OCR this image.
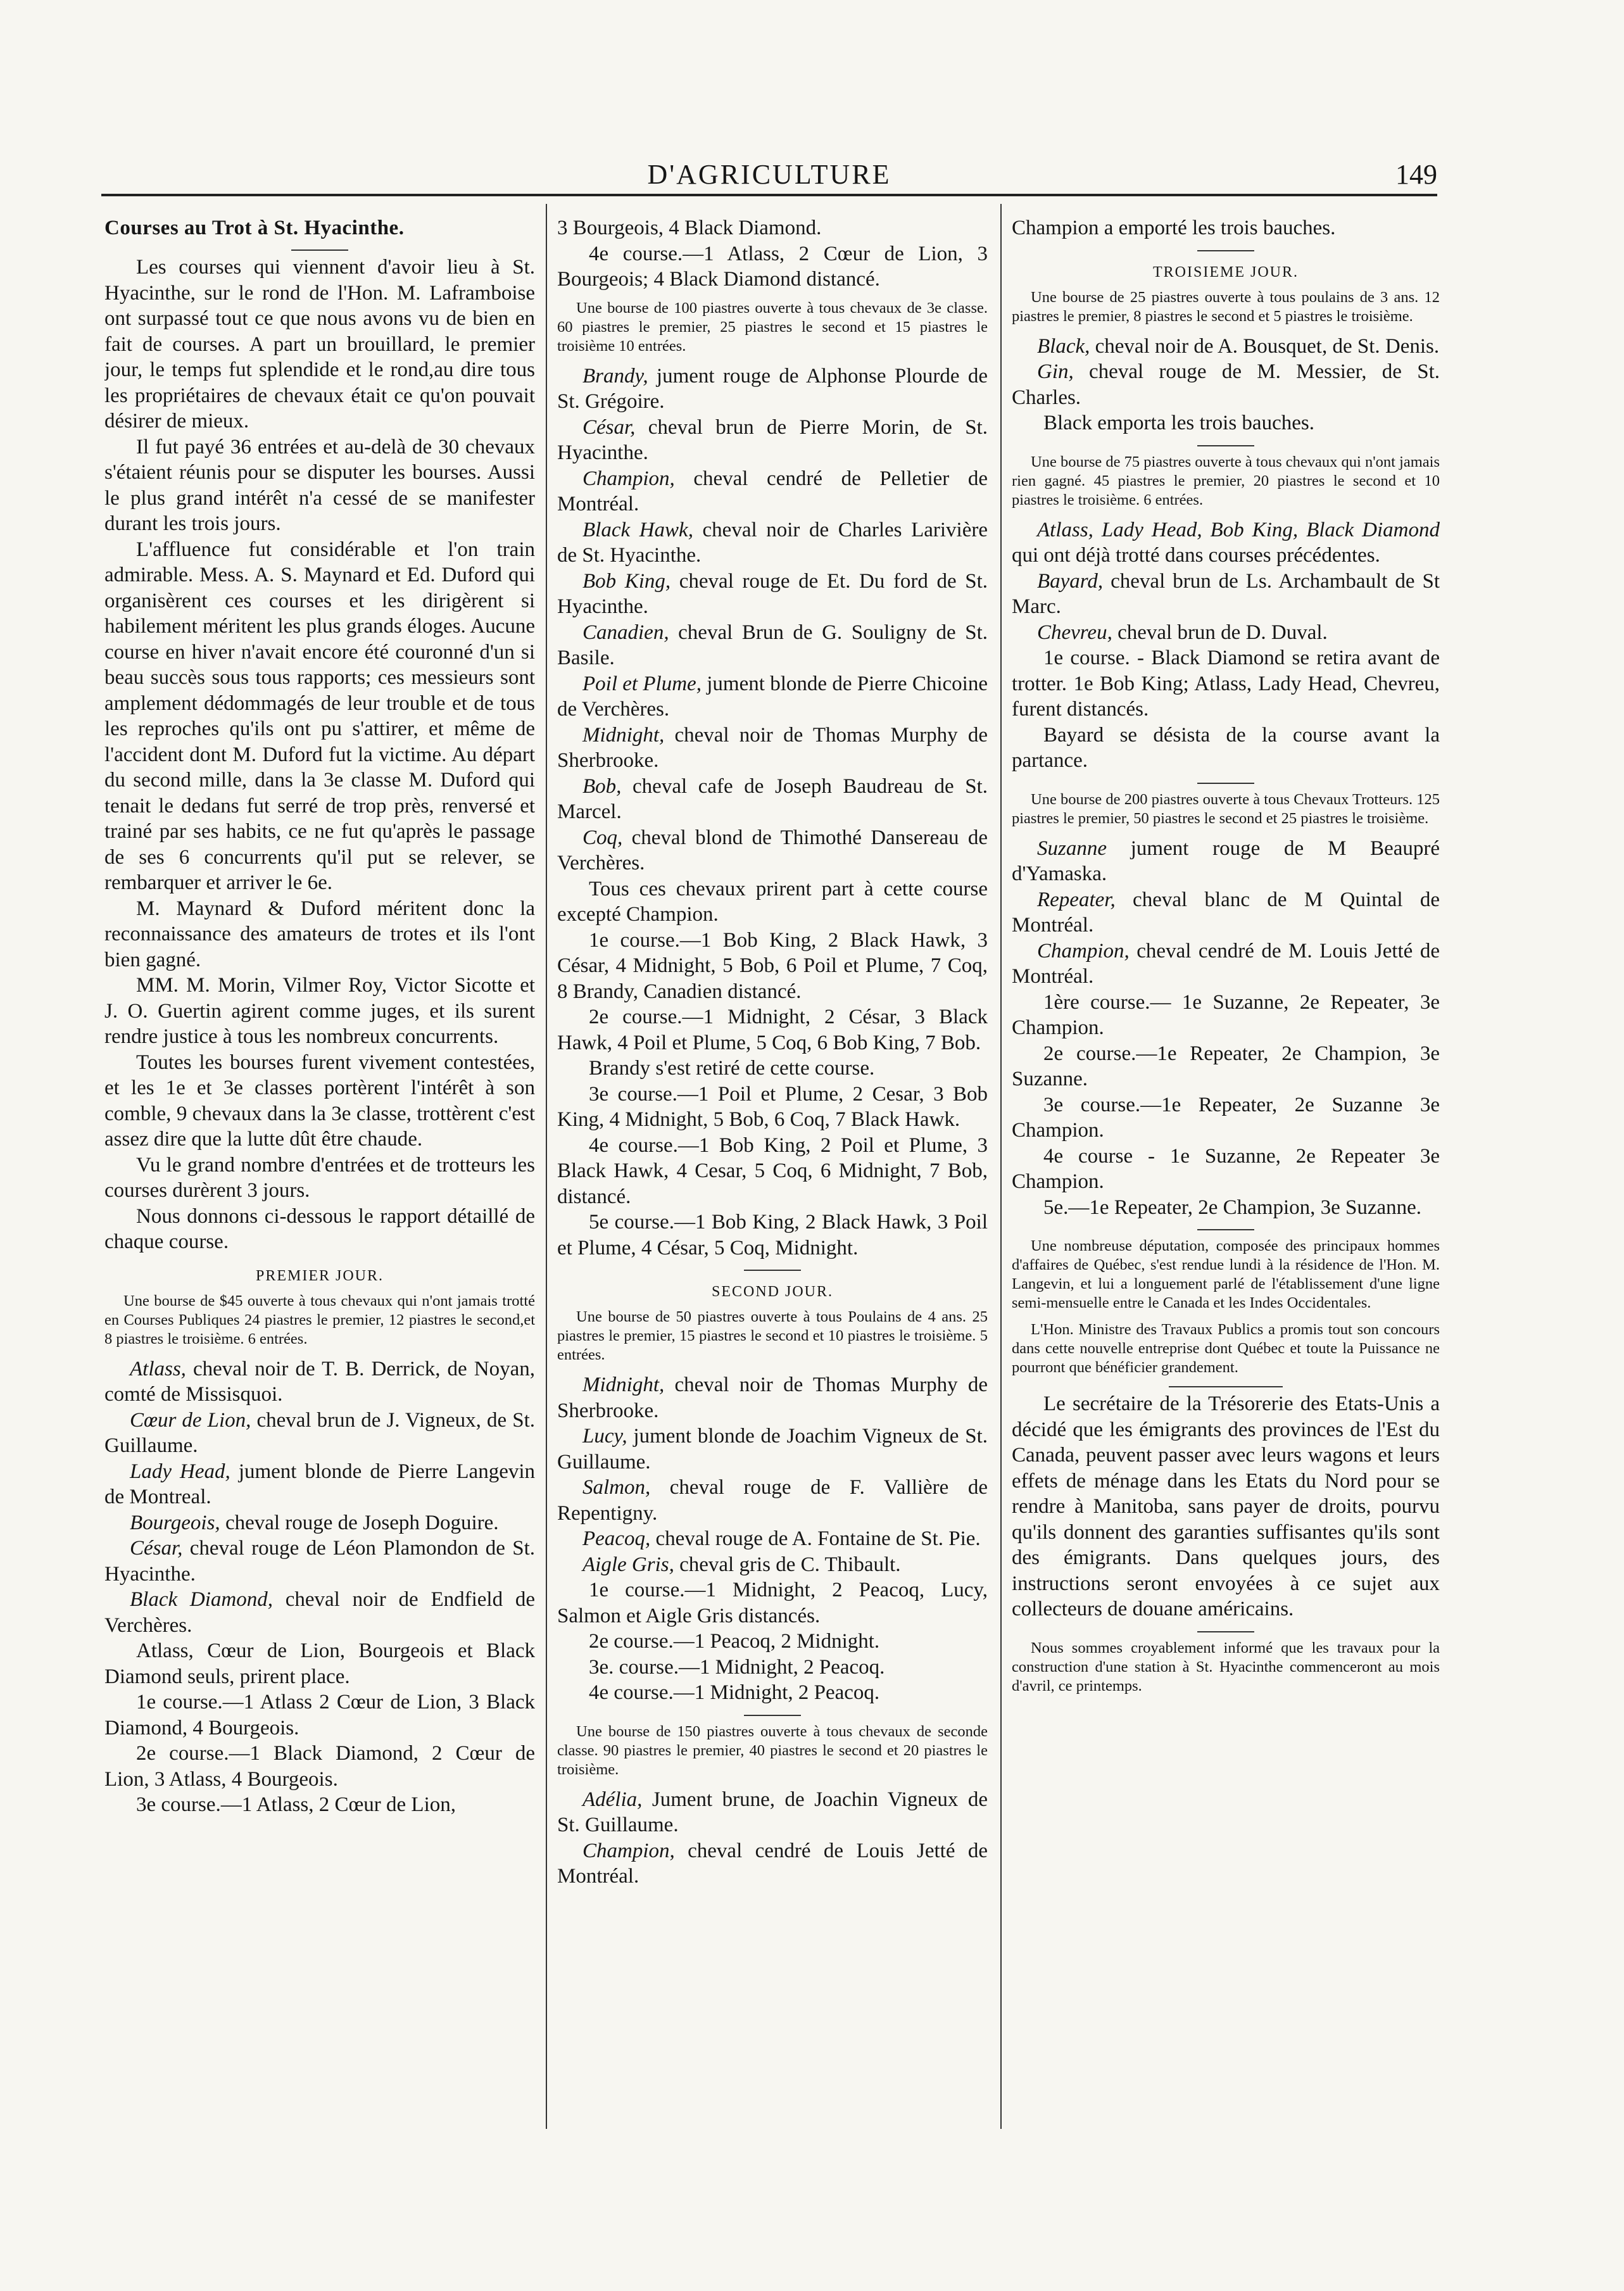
D'AGRICULTURE	149

Courses au Trot à St. Hyacinthe.

Les courses qui viennent d'avoir lieu à St. Hyacinthe, sur le rond de l'Hon. M. Laframboise ont surpassé tout ce que nous avons vu de bien en fait de courses. A part un brouillard, le premier jour, le temps fut splendide et le rond,au dire tous les propriétaires de chevaux était ce qu'on pouvait désirer de mieux.

Il fut payé 36 entrées et au-delà de 30 chevaux s'étaient réunis pour se disputer les bourses. Aussi le plus grand intérêt n'a cessé de se manifester durant les trois jours.

L'affluence fut considérable et l'on train admirable. Mess. A. S. Maynard et Ed. Duford qui organisèrent ces courses et les dirigèrent si habilement méritent les plus grands éloges. Aucune course en hiver n'avait encore été couronné d'un si beau succès sous tous rapports; ces messieurs sont amplement dédommagés de leur trouble et de tous les reproches qu'ils ont pu s'attirer, et même de l'accident dont M. Duford fut la victime. Au départ du second mille, dans la 3e classe M. Duford qui tenait le dedans fut serré de trop près, renversé et trainé par ses habits, ce ne fut qu'après le passage de ses 6 concurrents qu'il put se relever, se rembarquer et arriver le 6e.

M. Maynard & Duford méritent donc la reconnaissance des amateurs de trotes et ils l'ont bien gagné.

MM. M. Morin, Vilmer Roy, Victor Sicotte et J. O. Guertin agirent comme juges, et ils surent rendre justice à tous les nombreux concurrents.

Toutes les bourses furent vivement contestées, et les 1e et 3e classes portèrent l'intérêt à son comble, 9 chevaux dans la 3e classe, trottèrent c'est assez dire que la lutte dût être chaude.

Vu le grand nombre d'entrées et de trotteurs les courses durèrent 3 jours.

Nous donnons ci-dessous le rapport détaillé de chaque course.

PREMIER JOUR.

Une bourse de $45 ouverte à tous chevaux qui n'ont jamais trotté en Courses Publiques 24 piastres le premier, 12 piastres le second,et 8 piastres le troisième. 6 entrées.

Atlass, cheval noir de T. B. Derrick, de Noyan, comté de Missisquoi.

Cœur de Lion, cheval brun de J. Vigneux, de St. Guillaume.

Lady Head, jument blonde de Pierre Langevin de Montreal.

Bourgeois, cheval rouge de Joseph Doguire.

César, cheval rouge de Léon Plamondon de St. Hyacinthe.

Black Diamond, cheval noir de Endfield de Verchères.

Atlass, Cœur de Lion, Bourgeois et Black Diamond seuls, prirent place.

1e course.—1 Atlass 2 Cœur de Lion, 3 Black Diamond, 4 Bourgeois.

2e course.—1 Black Diamond, 2 Cœur de Lion, 3 Atlass, 4 Bourgeois.

3e course.—1 Atlass, 2 Cœur de Lion,

3 Bourgeois, 4 Black Diamond.

4e course.—1 Atlass, 2 Cœur de Lion, 3 Bourgeois; 4 Black Diamond distancé.

Une bourse de 100 piastres ouverte à tous chevaux de 3e classe. 60 piastres le premier, 25 piastres le second et 15 piastres le troisième 10 entrées.

Brandy, jument rouge de Alphonse Plourde de St. Grégoire.

César, cheval brun de Pierre Morin, de St. Hyacinthe.

Champion, cheval cendré de Pelletier de Montréal.

Black Hawk, cheval noir de Charles Larivière de St. Hyacinthe.

Bob King, cheval rouge de Et. Du ford de St. Hyacinthe.

Canadien, cheval Brun de G. Souligny de St. Basile.

Poil et Plume, jument blonde de Pierre Chicoine de Verchères.

Midnight, cheval noir de Thomas Murphy de Sherbrooke.

Bob, cheval cafe de Joseph Baudreau de St. Marcel.

Coq, cheval blond de Thimothé Dansereau de Verchères.

Tous ces chevaux prirent part à cette course excepté Champion.

1e course.—1 Bob King, 2 Black Hawk, 3 César, 4 Midnight, 5 Bob, 6 Poil et Plume, 7 Coq, 8 Brandy, Canadien distancé.

2e course.—1 Midnight, 2 César, 3 Black Hawk, 4 Poil et Plume, 5 Coq, 6 Bob King, 7 Bob.

Brandy s'est retiré de cette course.

3e course.—1 Poil et Plume, 2 Cesar, 3 Bob King, 4 Midnight, 5 Bob, 6 Coq, 7 Black Hawk.

4e course.—1 Bob King, 2 Poil et Plume, 3 Black Hawk, 4 Cesar, 5 Coq, 6 Midnight, 7 Bob, distancé.

5e course.—1 Bob King, 2 Black Hawk, 3 Poil et Plume, 4 César, 5 Coq, Midnight.

SECOND JOUR.

Une bourse de 50 piastres ouverte à tous Poulains de 4 ans. 25 piastres le premier, 15 piastres le second et 10 piastres le troisième. 5 entrées.

Midnight, cheval noir de Thomas Murphy de Sherbrooke.

Lucy, jument blonde de Joachim Vigneux de St. Guillaume.

Salmon, cheval rouge de F. Vallière de Repentigny.

Peacoq, cheval rouge de A. Fontaine de St. Pie.

Aigle Gris, cheval gris de C. Thibault.

1e course.—1 Midnight, 2 Peacoq, Lucy, Salmon et Aigle Gris distancés.

2e course.—1 Peacoq, 2 Midnight.

3e. course.—1 Midnight, 2 Peacoq.

4e course.—1 Midnight, 2 Peacoq.

Une bourse de 150 piastres ouverte à tous chevaux de seconde classe. 90 piastres le premier, 40 piastres le second et 20 piastres le troisième.

Adélia, Jument brune, de Joachin Vigneux de St. Guillaume.

Champion, cheval cendré de Louis Jetté de Montréal.

Champion a emporté les trois bauches.

TROISIEME JOUR.

Une bourse de 25 piastres ouverte à tous poulains de 3 ans. 12 piastres le premier, 8 piastres le second et 5 piastres le troisième.

Black, cheval noir de A. Bousquet, de St. Denis.

Gin, cheval rouge de M. Messier, de St. Charles.

Black emporta les trois bauches.

Une bourse de 75 piastres ouverte à tous chevaux qui n'ont jamais rien gagné. 45 piastres le premier, 20 piastres le second et 10 piastres le troisième. 6 entrées.

Atlass, Lady Head, Bob King, Black Diamond qui ont déjà trotté dans courses précédentes.

Bayard, cheval brun de Ls. Archambault de St Marc.

Chevreu, cheval brun de D. Duval.

1e course. - Black Diamond se retira avant de trotter. 1e Bob King; Atlass, Lady Head, Chevreu, furent distancés.

Bayard se désista de la course avant la partance.

Une bourse de 200 piastres ouverte à tous Chevaux Trotteurs. 125 piastres le premier, 50 piastres le second et 25 piastres le troisième.

Suzanne jument rouge de M Beaupré d'Yamaska.

Repeater, cheval blanc de M Quintal de Montréal.

Champion, cheval cendré de M. Louis Jetté de Montréal.

1ère course.— 1e Suzanne, 2e Repeater, 3e Champion.

2e course.—1e Repeater, 2e Champion, 3e Suzanne.

3e course.—1e Repeater, 2e Suzanne 3e Champion.

4e course - 1e Suzanne, 2e Repeater 3e Champion.

5e.—1e Repeater, 2e Champion, 3e Suzanne.

Une nombreuse députation, composée des principaux hommes d'affaires de Québec, s'est rendue lundi à la résidence de l'Hon. M. Langevin, et lui a longuement parlé de l'établissement d'une ligne semi-mensuelle entre le Canada et les Indes Occidentales.

L'Hon. Ministre des Travaux Publics a promis tout son concours dans cette nouvelle entreprise dont Québec et toute la Puissance ne pourront que bénéficier grandement.

Le secrétaire de la Trésorerie des Etats-Unis a décidé que les émigrants des provinces de l'Est du Canada, peuvent passer avec leurs wagons et leurs effets de ménage dans les Etats du Nord pour se rendre à Manitoba, sans payer de droits, pourvu qu'ils donnent des garanties suffisantes qu'ils sont des émigrants. Dans quelques jours, des instructions seront envoyées à ce sujet aux collecteurs de douane américains.

Nous sommes croyablement informé que les travaux pour la construction d'une station à St. Hyacinthe commenceront au mois d'avril, ce printemps.
